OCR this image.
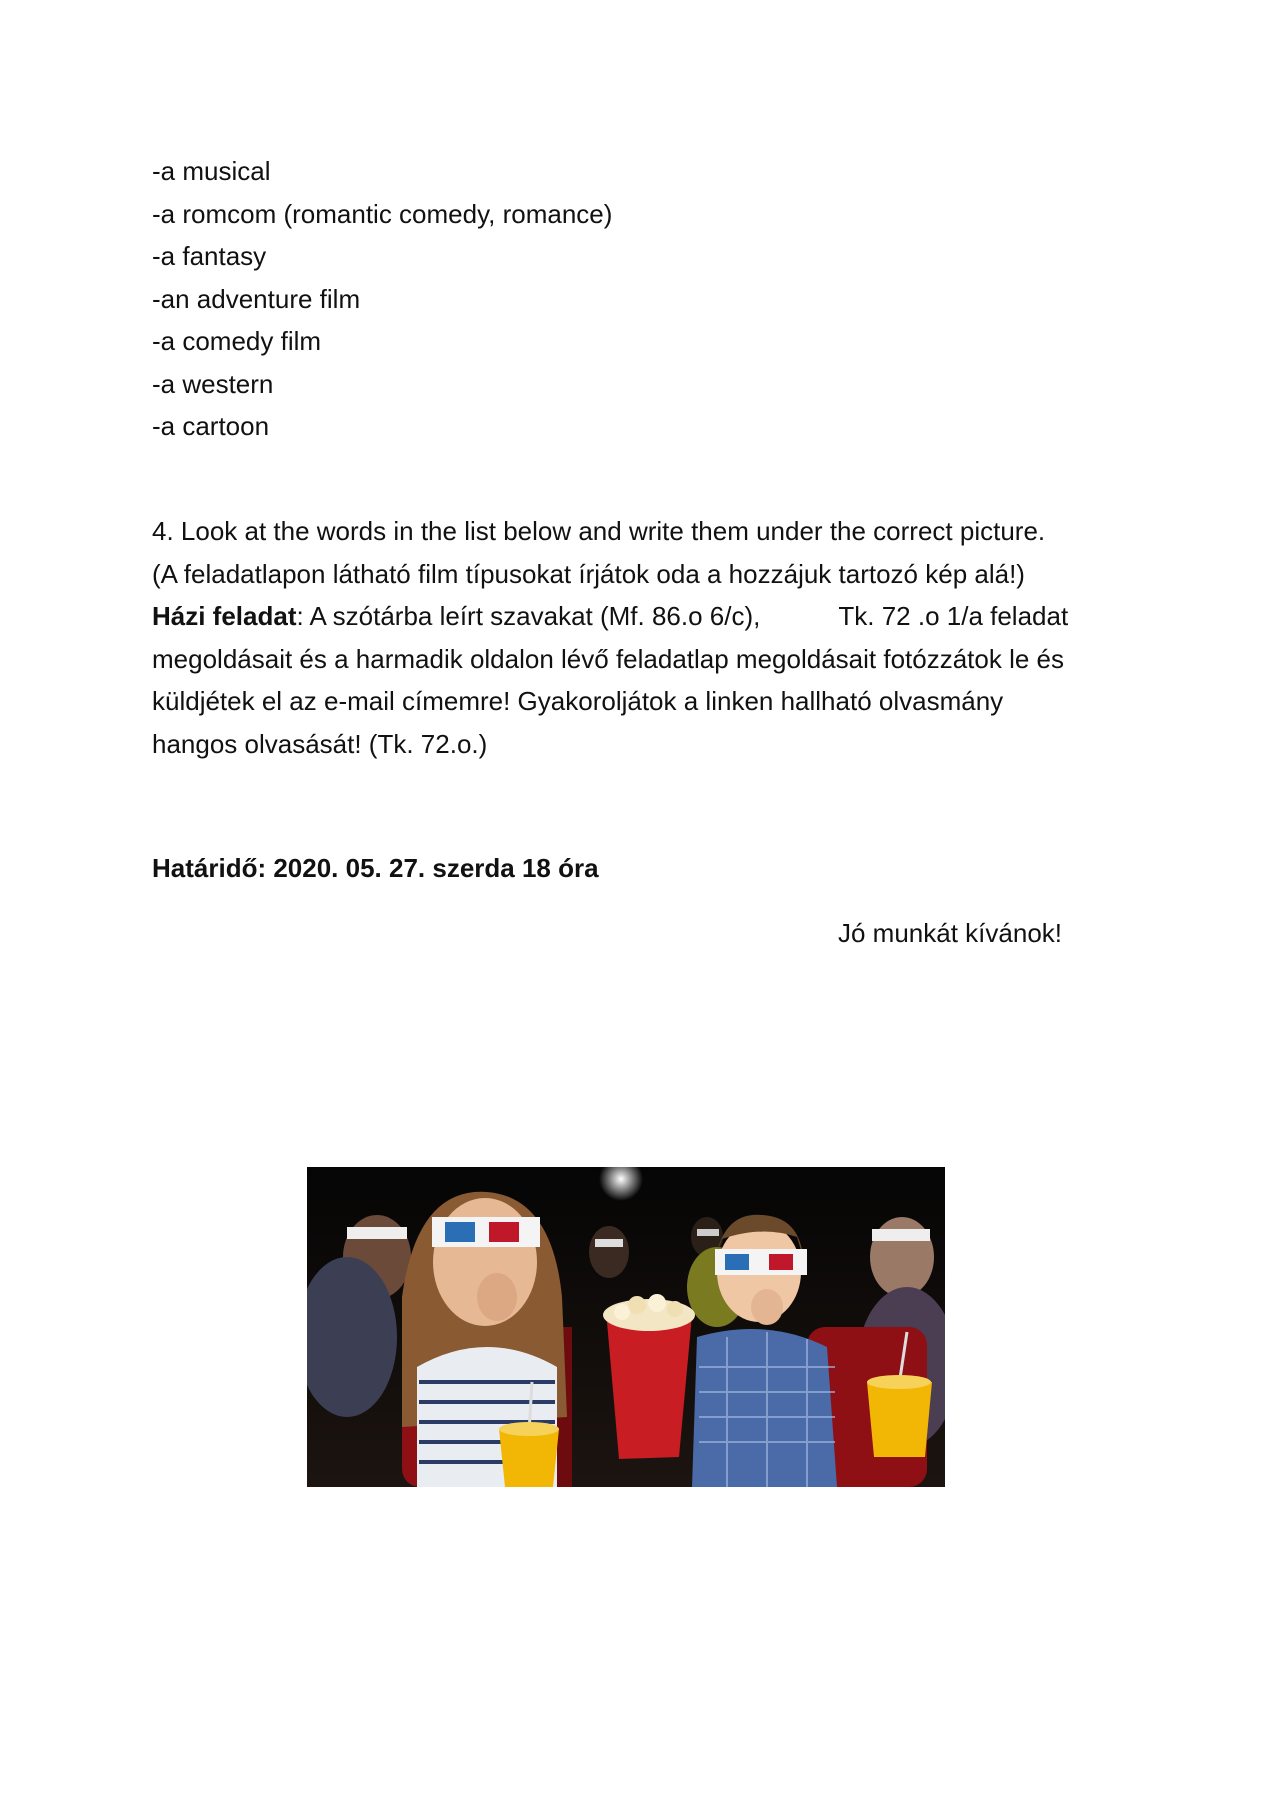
-a musical
-a romcom (romantic comedy, romance)
-a fantasy
-an adventure film
-a comedy film
-a western
-a cartoon
4. Look at the words in the list below and write them under the correct picture.
(A feladatlapon látható film típusokat írjátok oda a hozzájuk tartozó kép alá!)
Házi feladat: A szótárba leírt szavakat (Mf. 86.o 6/c),	Tk. 72 .o 1/a feladat
megoldásait és a harmadik oldalon lévő feladatlap megoldásait fotózzátok le és
küldjétek el az e-mail címemre! Gyakoroljátok a linken hallható olvasmány
hangos olvasását! (Tk. 72.o.)
Határidő: 2020. 05. 27. szerda 18 óra
Jó munkát kívánok!
